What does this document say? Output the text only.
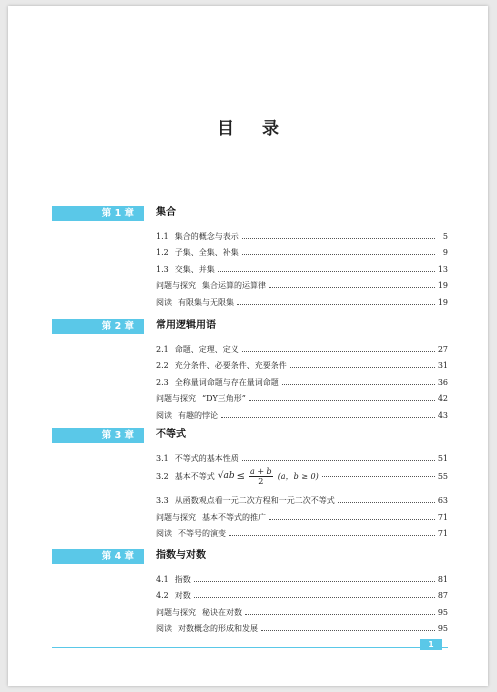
目 录
第 1 章	集合
1.1 集合的概念与表示	5
1.2 子集、全集、补集	9
1.3 交集、并集	13
问题与探究 集合运算的运算律	19
阅读 有限集与无限集	19
第 2 章	常用逻辑用语
2.1 命题、定理、定义	27
2.2 充分条件、必要条件、充要条件	31
2.3 全称量词命题与存在量词命题	36
问题与探究 “DY三角形”	42
阅读 有趣的悖论	43
第 3 章	不等式
3.1 不等式的基本性质	51
3.2 基本不等式 $√ab \le \frac{a + b}{2} (a$，b ≥ 0)	55
3.3 从函数观点看一元二次方程和一元二次不等式	63
问题与探究 基本不等式的推广	71
阅读 不等号的演变	71
第 4 章	指数与对数
4.1 指数	81
4.2 对数	87
问题与探究 秘诀在对数	95
阅读 对数概念的形成和发展	95
1
